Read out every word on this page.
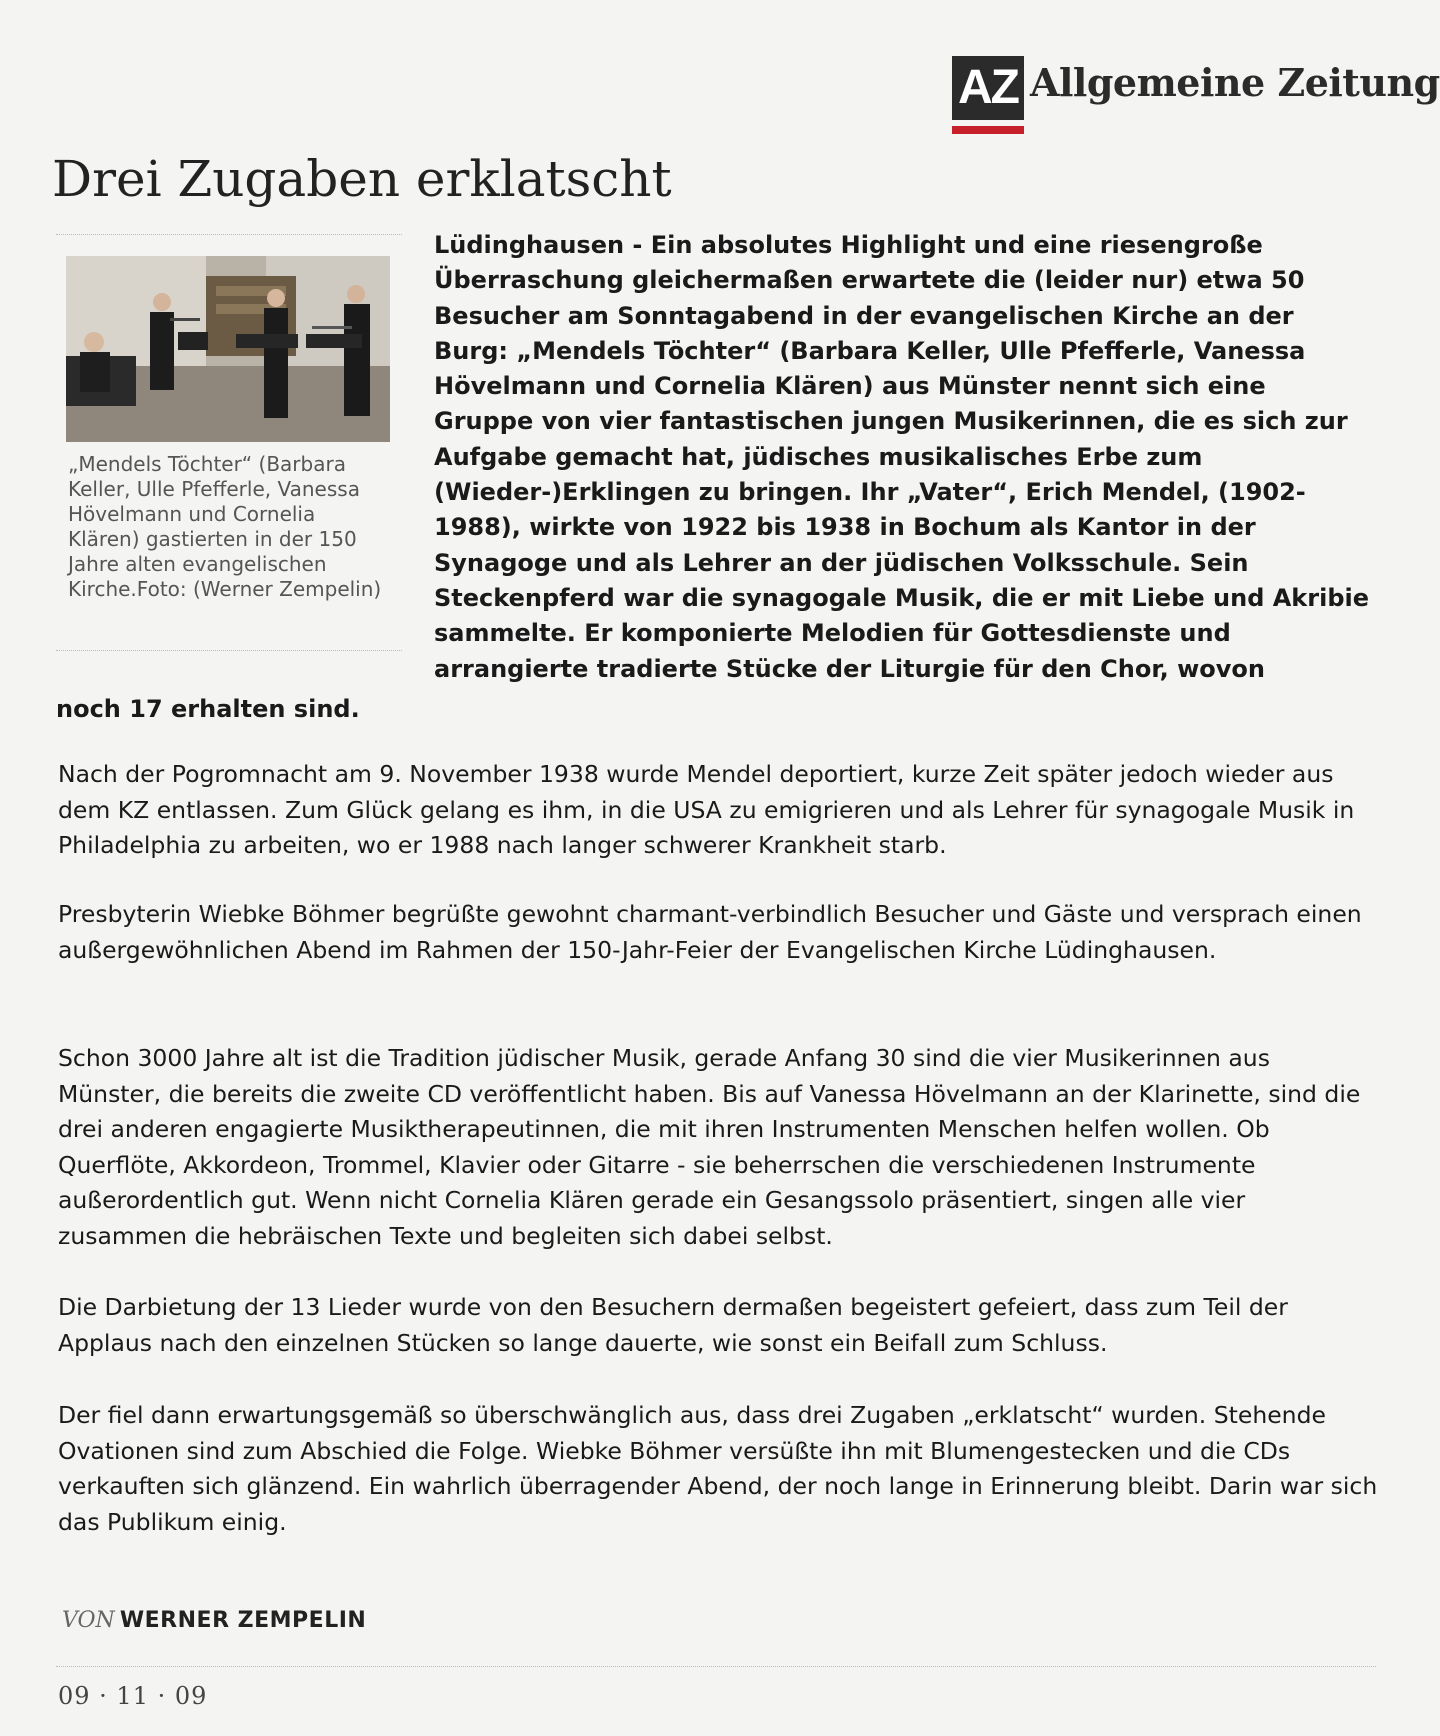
AZ Allgemeine Zeitung
Drei Zugaben erklatscht
„Mendels Töchter“ (Barbara Keller, Ulle Pfefferle, Vanessa Hövelmann und Cornelia Klären) gastierten in der 150 Jahre alten evangelischen Kirche.Foto: (Werner Zempelin)
Lüdinghausen - Ein absolutes Highlight und eine riesengroße Überraschung gleichermaßen erwartete die (leider nur) etwa 50 Besucher am Sonntagabend in der evangelischen Kirche an der Burg: „Mendels Töchter“ (Barbara Keller, Ulle Pfefferle, Vanessa Hövelmann und Cornelia Klären) aus Münster nennt sich eine Gruppe von vier fantastischen jungen Musikerinnen, die es sich zur Aufgabe gemacht hat, jüdisches musikalisches Erbe zum (Wieder-)Erklingen zu bringen. Ihr „Vater“, Erich Mendel, (1902-1988), wirkte von 1922 bis 1938 in Bochum als Kantor in der Synagoge und als Lehrer an der jüdischen Volksschule. Sein Steckenpferd war die synagogale Musik, die er mit Liebe und Akribie sammelte. Er komponierte Melodien für Gottesdienste und arrangierte tradierte Stücke der Liturgie für den Chor, wovon
noch 17 erhalten sind.
Nach der Pogromnacht am 9. November 1938 wurde Mendel deportiert, kurze Zeit später jedoch wieder aus dem KZ entlassen. Zum Glück gelang es ihm, in die USA zu emigrieren und als Lehrer für synagogale Musik in Philadelphia zu arbeiten, wo er 1988 nach langer schwerer Krankheit starb.
Presbyterin Wiebke Böhmer begrüßte gewohnt charmant-verbindlich Besucher und Gäste und versprach einen außergewöhnlichen Abend im Rahmen der 150-Jahr-Feier der Evangelischen Kirche Lüdinghausen.
Schon 3000 Jahre alt ist die Tradition jüdischer Musik, gerade Anfang 30 sind die vier Musikerinnen aus Münster, die bereits die zweite CD veröffentlicht haben. Bis auf Vanessa Hövelmann an der Klarinette, sind die drei anderen engagierte Musiktherapeutinnen, die mit ihren Instrumenten Menschen helfen wollen. Ob Querflöte, Akkordeon, Trommel, Klavier oder Gitarre - sie beherrschen die verschiedenen Instrumente außerordentlich gut. Wenn nicht Cornelia Klären gerade ein Gesangssolo präsentiert, singen alle vier zusammen die hebräischen Texte und begleiten sich dabei selbst.
Die Darbietung der 13 Lieder wurde von den Besuchern dermaßen begeistert gefeiert, dass zum Teil der Applaus nach den einzelnen Stücken so lange dauerte, wie sonst ein Beifall zum Schluss.
Der fiel dann erwartungsgemäß so überschwänglich aus, dass drei Zugaben „erklatscht“ wurden. Stehende Ovationen sind zum Abschied die Folge. Wiebke Böhmer versüßte ihn mit Blumengestecken und die CDs verkauften sich glänzend. Ein wahrlich überragender Abend, der noch lange in Erinnerung bleibt. Darin war sich das Publikum einig.
VON WERNER ZEMPELIN
09 · 11 · 09
